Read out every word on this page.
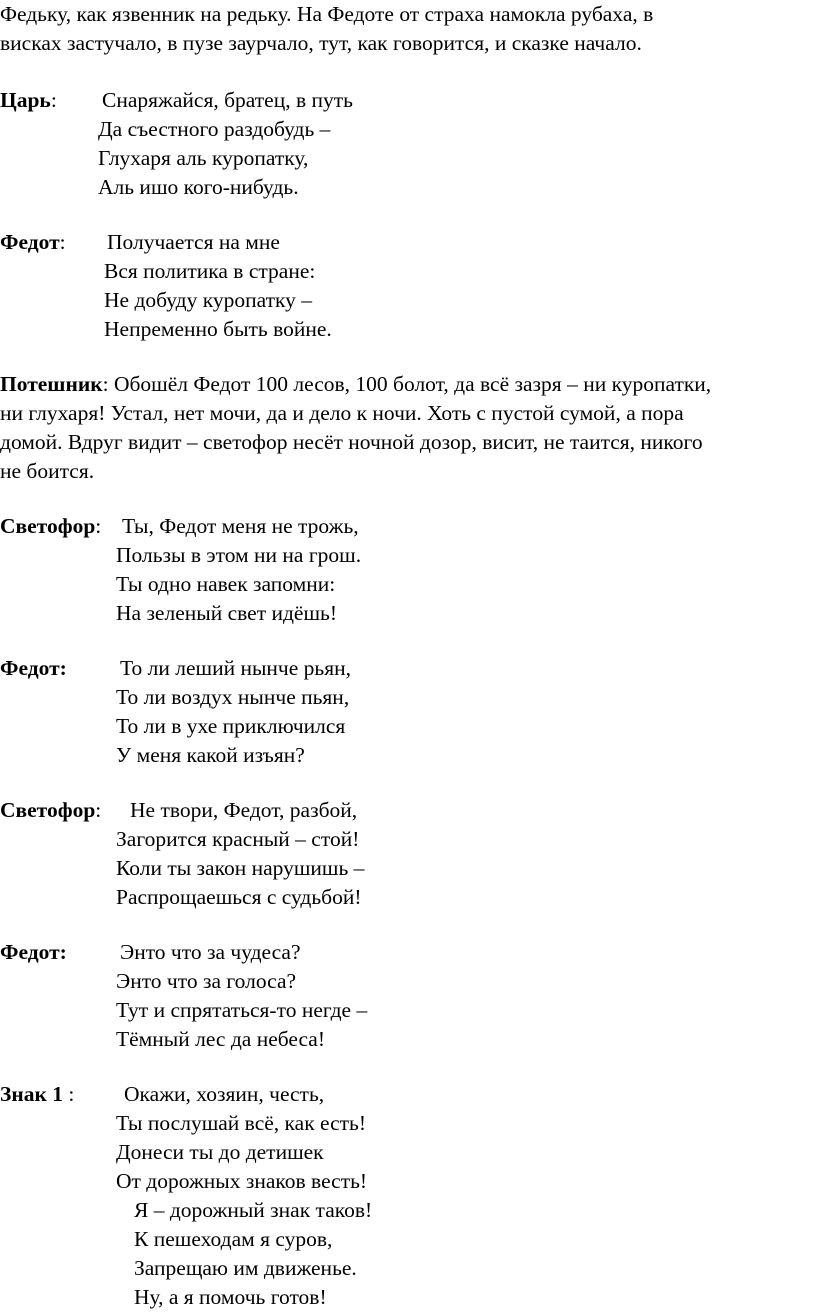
Федьку, как язвенник на редьку. На Федоте от страха намокла рубаха, в
висках застучало, в пузе заурчало, тут, как говорится, и сказке начало.
Царь: Снаряжайся, братец, в путь
Да съестного раздобудь –
Глухаря аль куропатку,
Аль ишо кого-нибудь.
Федот: Получается на мне
Вся политика в стране:
Не добуду куропатку –
Непременно быть войне.
Потешник: Обошёл Федот 100 лесов, 100 болот, да всё зазря – ни куропатки,
ни глухаря! Устал, нет мочи, да и дело к ночи. Хоть с пустой сумой, а пора
домой. Вдруг видит – светофор несёт ночной дозор, висит, не таится, никого
не боится.
Светофор: Ты, Федот меня не трожь,
Пользы в этом ни на грош.
Ты одно навек запомни:
На зеленый свет идёшь!
Федот: То ли леший нынче рьян,
То ли воздух нынче пьян,
То ли в ухе приключился
У меня какой изъян?
Светофор: Не твори, Федот, разбой,
Загорится красный – стой!
Коли ты закон нарушишь –
Распрощаешься с судьбой!
Федот: Энто что за чудеса?
Энто что за голоса?
Тут и спрятаться-то негде –
Тёмный лес да небеса!
Знак 1 : Окажи, хозяин, честь,
Ты послушай всё, как есть!
Донеси ты до детишек
От дорожных знаков весть!
Я – дорожный знак таков!
К пешеходам я суров,
Запрещаю им движенье.
Ну, а я помочь готов!
